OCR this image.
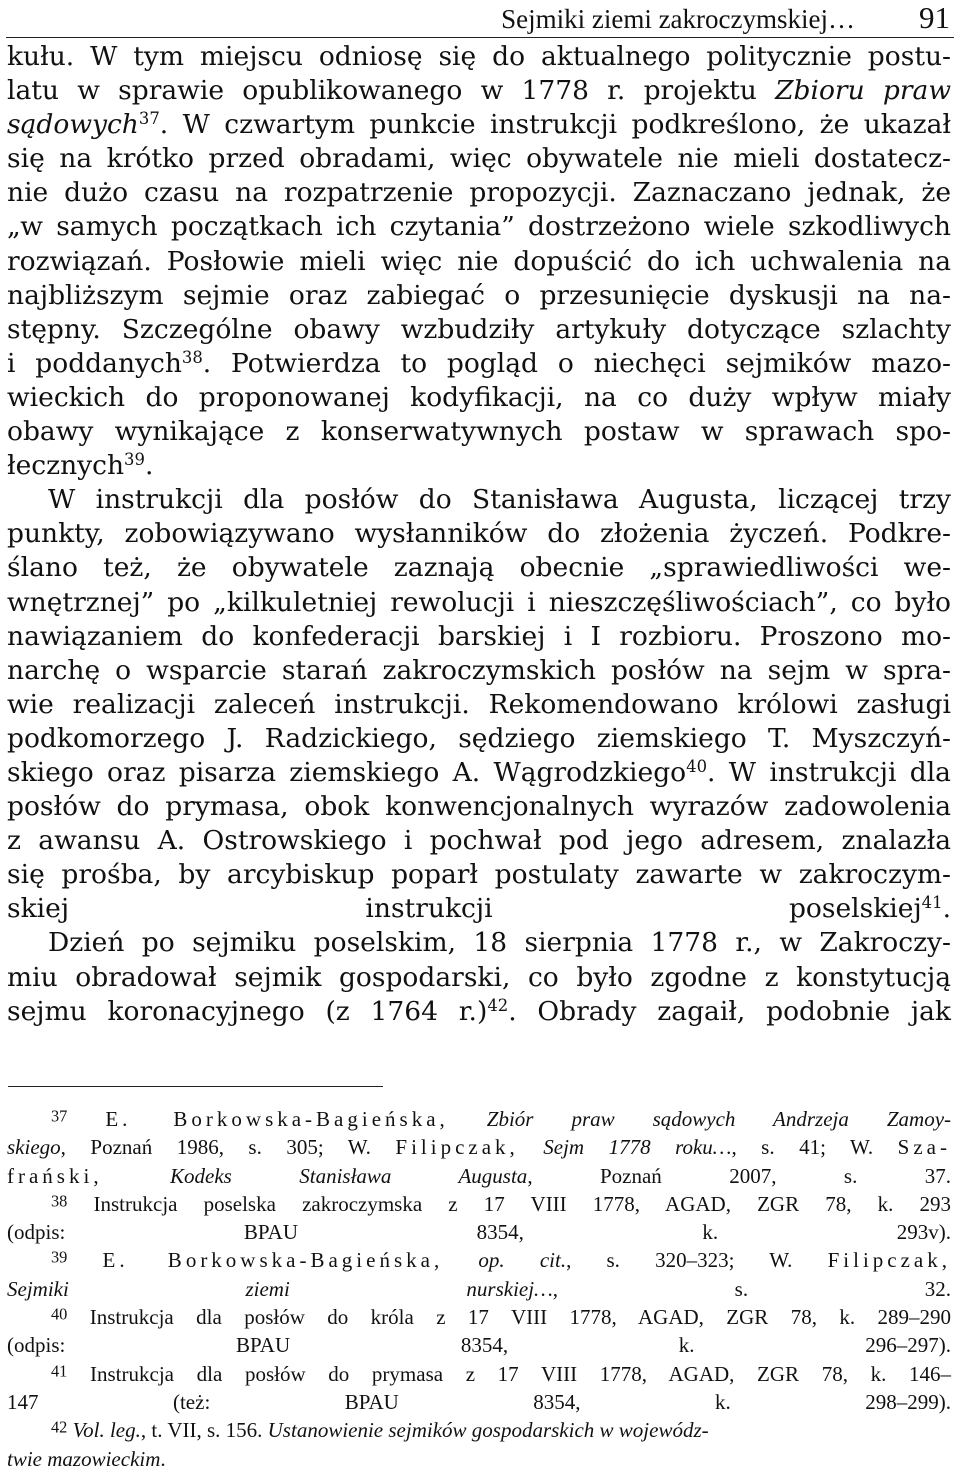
Sejmiki ziemi zakroczymskiej… 91

kułu. W tym miejscu odniosę się do aktualnego politycznie postu-
latu w sprawie opublikowanego w 1778 r. projektu Zbioru praw
sądowych$^{37}$. W czwartym punkcie instrukcji podkreślono, że ukazał
się na krótko przed obradami, więc obywatele nie mieli dostatecz-
nie dużo czasu na rozpatrzenie propozycji. Zaznaczano jednak, że
„w samych początkach ich czytania” dostrzeżono wiele szkodliwych
rozwiązań. Posłowie mieli więc nie dopuścić do ich uchwalenia na
najbliższym sejmie oraz zabiegać o przesunięcie dyskusji na na-
stępny. Szczególne obawy wzbudziły artykuły dotyczące szlachty
i poddanych$^{38}$. Potwierdza to pogląd o niechęci sejmików mazo-
wieckich do proponowanej kodyfikacji, na co duży wpływ miały
obawy wynikające z konserwatywnych postaw w sprawach spo-
łecznych$^{39}$.

W instrukcji dla posłów do Stanisława Augusta, liczącej trzy
punkty, zobowiązywano wysłanników do złożenia życzeń. Podkre-
ślano też, że obywatele zaznają obecnie „sprawiedliwości we-
wnętrznej” po „kilkuletniej rewolucji i nieszczęśliwościach”, co było
nawiązaniem do konfederacji barskiej i I rozbioru. Proszono mo-
narchę o wsparcie starań zakroczymskich posłów na sejm w spra-
wie realizacji zaleceń instrukcji. Rekomendowano królowi zasługi
podkomorzego J. Radzickiego, sędziego ziemskiego T. Myszczyń-
skiego oraz pisarza ziemskiego A. Wągrodzkiego$^{40}$. W instrukcji dla
posłów do prymasa, obok konwencjonalnych wyrazów zadowolenia
z awansu A. Ostrowskiego i pochwał pod jego adresem, znalazła
się prośba, by arcybiskup poparł postulaty zawarte w zakroczym-
skiej instrukcji poselskiej$^{41}$.

Dzień po sejmiku poselskim, 18 sierpnia 1778 r., w Zakroczy-
miu obradował sejmik gospodarski, co było zgodne z konstytucją
sejmu koronacyjnego (z 1764 r.)$^{42}$. Obrady zagaił, podobnie jak

$^{37}$ E. Borkowska-Bagieńska, Zbiór praw sądowych Andrzeja Zamoy-
skiego, Poznań 1986, s. 305; W. Filipczak, Sejm 1778 roku…, s. 41; W. Sza-
frański,	Kodeks Stanisława Augusta, Poznań 2007, s. 37.

$^{38}$ Instrukcja poselska zakroczymska z 17 VIII 1778, AGAD, ZGR 78, k. 293
(odpis: BPAU 8354, k. 293v).

$^{39}$ E. Borkowska-Bagieńska, op. cit., s. 320–323; W. Filipczak,
Sejmiki ziemi nurskiej…, s. 32.

$^{40}$ Instrukcja dla posłów do króla z 17 VIII 1778, AGAD, ZGR 78, k. 289–290
(odpis: BPAU 8354, k. 296–297).

$^{41}$ Instrukcja dla posłów do prymasa z 17 VIII 1778, AGAD, ZGR 78, k. 146–
147 (też: BPAU 8354, k. 298–299).

$^{42}$ Vol. leg., t. VII, s. 156. Ustanowienie sejmików gospodarskich w wojewódz-
twie mazowieckim.
